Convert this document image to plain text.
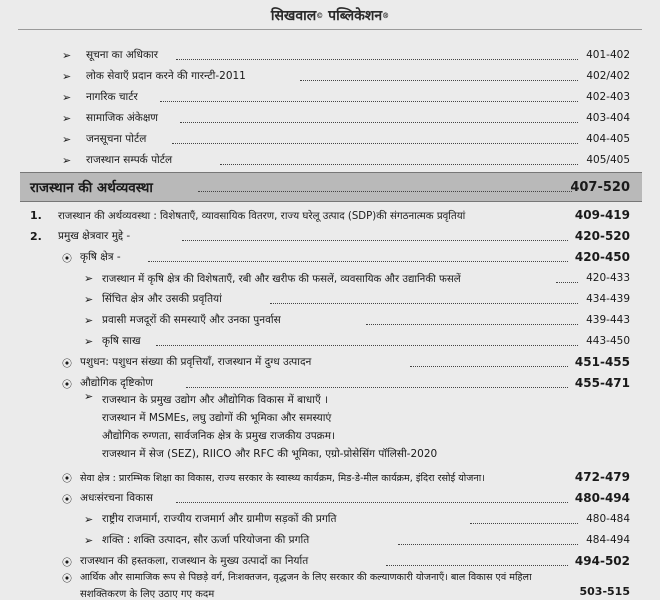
सिखवाल ©
पब्लिकेशन ®
➢ सूचना का अधिकार	401-402
➢ लोक सेवाएँ प्रदान करने की गारन्टी-2011	402/402
➢ नागरिक चार्टर	402-403
➢ सामाजिक अंकेक्षण	403-404
➢ जनसूचना पोर्टल	404-405
➢ राजस्थान सम्पर्क पोर्टल	405/405
राजस्थान की अर्थव्यवस्था	407-520
1.	राजस्थान की अर्थव्यवस्था : विशेषताएँ, व्यावसायिक वितरण, राज्य घरेलू उत्पाद (SDP)की संगठनात्मक प्रवृतियां	409-419
2.	प्रमुख क्षेत्रवार मुद्दे -	420-520
⦿ कृषि क्षेत्र -	420-450
➢ राजस्थान में कृषि क्षेत्र की विशेषताएँ, रबी और खरीफ की फसलें, व्यवसायिक और उद्यानिकी फसलें	420-433
➢ सिंचित क्षेत्र और उसकी प्रवृतियां	434-439
➢ प्रवासी मजदूरों की समस्याएँ और उनका पुनर्वास	439-443
➢ कृषि साख	443-450
⦿ पशुधन: पशुधन संख्या की प्रवृत्तियाँ, राजस्थान में दुग्ध उत्पादन	451-455
⦿ औद्योगिक दृष्टिकोण	455-471
➢ राजस्थान के प्रमुख उद्योग और औद्योगिक विकास में बाधाएँ ।
राजस्थान में MSMEs, लघु उद्योगों की भूमिका और समस्याएं
औद्योगिक रुग्णता, सार्वजनिक क्षेत्र के प्रमुख राजकीय उपक्रम।
राजस्थान में सेज (SEZ), RIICO और RFC की भूमिका, एग्रो-प्रोसेसिंग पॉलिसी-2020
⦿ सेवा क्षेत्र : प्रारम्भिक शिक्षा का विकास, राज्य सरकार के स्वास्थ्य कार्यक्रम, मिड-डे-मील कार्यक्रम, इंदिरा रसोई योजना।	472-479
⦿ अधःसंरचना विकास	480-494
➢ राष्ट्रीय राजमार्ग, राज्यीय राजमार्ग और ग्रामीण सड़कों की प्रगति	480-484
➢ शक्ति : शक्ति उत्पादन, सौर ऊर्जा परियोजना की प्रगति	484-494
⦿ राजस्थान की हस्तकला, राजस्थान के मुख्य उत्पादों का निर्यात	494-502
⦿ आर्थिक और सामाजिक रूप से पिछड़े वर्ग, निःशक्तजन, वृद्धजन के लिए सरकार की कल्याणकारी योजनाएँ। बाल विकास एवं महिला
सशक्तिकरण के लिए उठाए गए कदम	503-515
